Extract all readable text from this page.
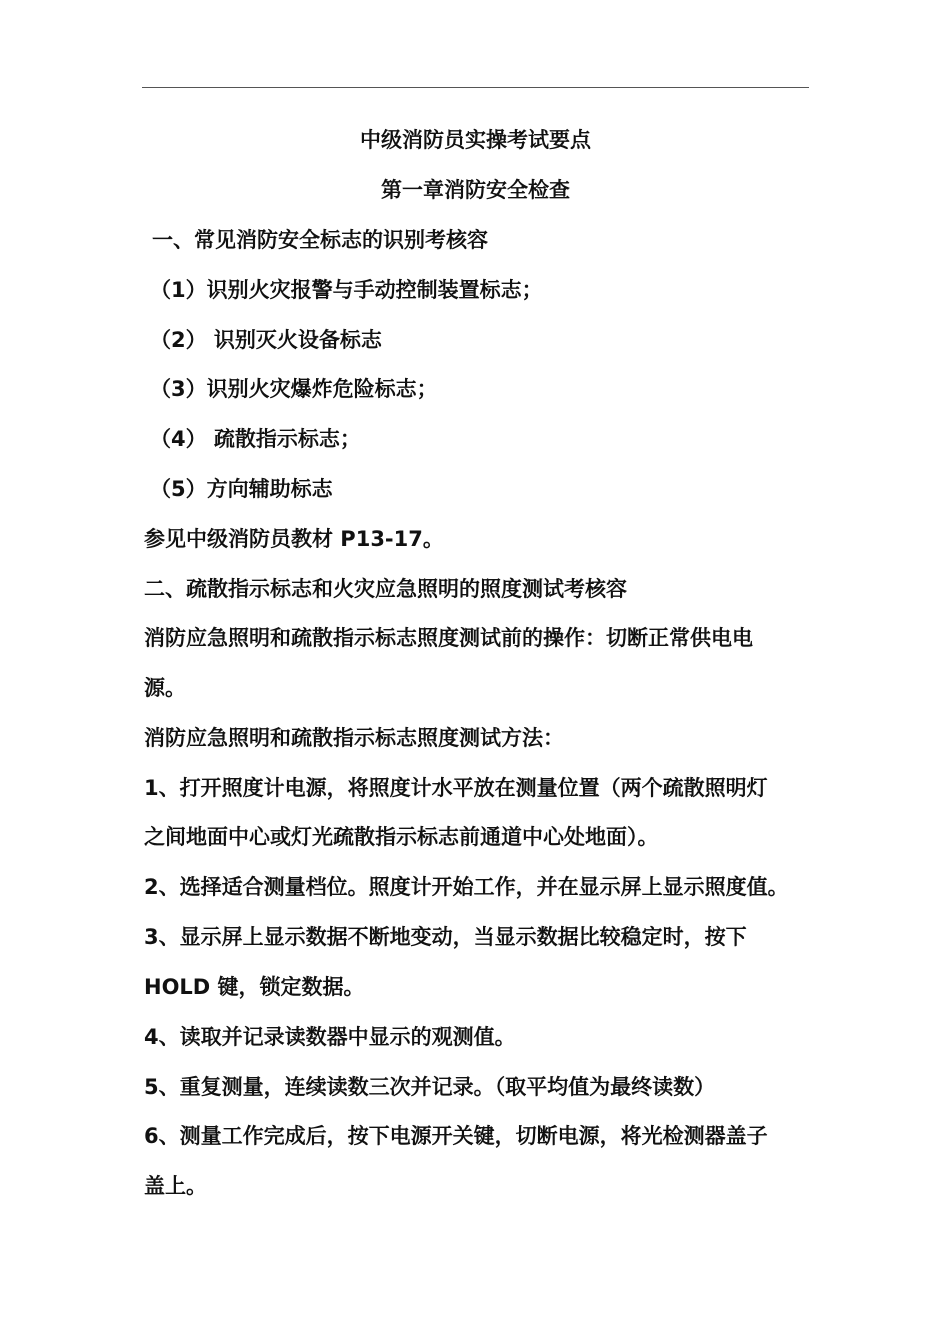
中级消防员实操考试要点
第一章消防安全检查
一、常见消防安全标志的识别考核容
（1）识别火灾报警与手动控制装置标志；
（2） 识别灭火设备标志
（3）识别火灾爆炸危险标志；
（4） 疏散指示标志；
（5）方向辅助标志
参见中级消防员教材 P13-17。
二、疏散指示标志和火灾应急照明的照度测试考核容
消防应急照明和疏散指示标志照度测试前的操作：切断正常供电电
源。
消防应急照明和疏散指示标志照度测试方法：
1、打开照度计电源，将照度计水平放在测量位置（两个疏散照明灯
之间地面中心或灯光疏散指示标志前通道中心处地面）。
2、选择适合测量档位。照度计开始工作，并在显示屏上显示照度值。
3、显示屏上显示数据不断地变动，当显示数据比较稳定时，按下
HOLD 键，锁定数据。
4、读取并记录读数器中显示的观测值。
5、重复测量，连续读数三次并记录。（取平均值为最终读数）
6、测量工作完成后，按下电源开关键，切断电源，将光检测器盖子
盖上。
